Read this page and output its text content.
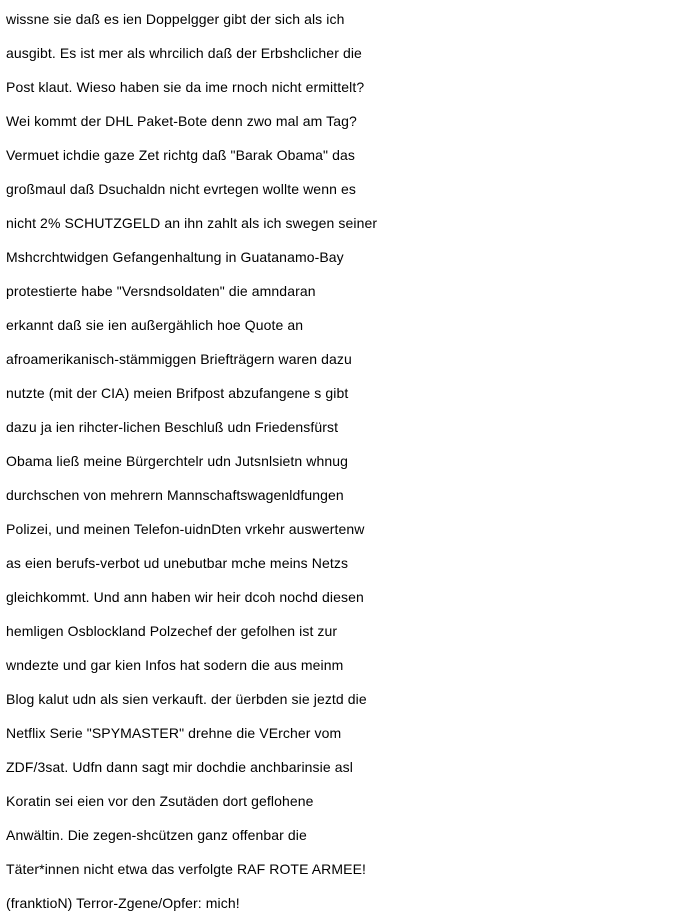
wissne sie daß es ien Doppelgger gibt der sich als ich
ausgibt. Es ist mer als whrcilich daß der Erbshclicher die
Post klaut. Wieso haben sie da ime rnoch nicht ermittelt?
Wei kommt der DHL Paket-Bote denn zwo mal am Tag?
Vermuet ichdie gaze Zet richtg daß "Barak Obama" das
großmaul daß Dsuchaldn nicht evrtegen wollte wenn es
nicht 2% SCHUTZGELD an ihn zahlt als ich swegen seiner
Mshcrchtwidgen Gefangenhaltung in Guatanamo-Bay
protestierte habe "Versndsoldaten" die amndaran
erkannt daß sie ien außergählich hoe Quote an
afroamerikanisch-stämmiggen Briefträgern waren dazu
nutzte (mit der CIA) meien Brifpost abzufangene s gibt
dazu ja ien rihcter-lichen Beschluß udn Friedensfürst
Obama ließ meine Bürgerchtelr udn Jutsnlsietn whnug
durchschen von mehrern Mannschaftswagenldfungen
Polizei, und meinen Telefon-uidnDten vrkehr auswertenw
as eien berufs-verbot ud unebutbar mche meins Netzs
gleichkommt. Und ann haben wir heir dcoh nochd diesen
hemligen Osblockland Polzechef der gefolhen ist zur
wndezte und gar kien Infos hat sodern die aus meinm
Blog kalut udn als sien verkauft. der üerbden sie jeztd die
Netflix Serie "SPYMASTER" drehne die VErcher vom
ZDF/3sat. Udfn dann sagt mir dochdie anchbarinsie asl
Koratin sei eien vor den Zsutäden dort geflohene
Anwältin. Die zegen-shcützen ganz offenbar die
Täter*innen nicht etwa das verfolgte RAF ROTE ARMEE!
(franktioN) Terror-Zgene/Opfer: mich!
